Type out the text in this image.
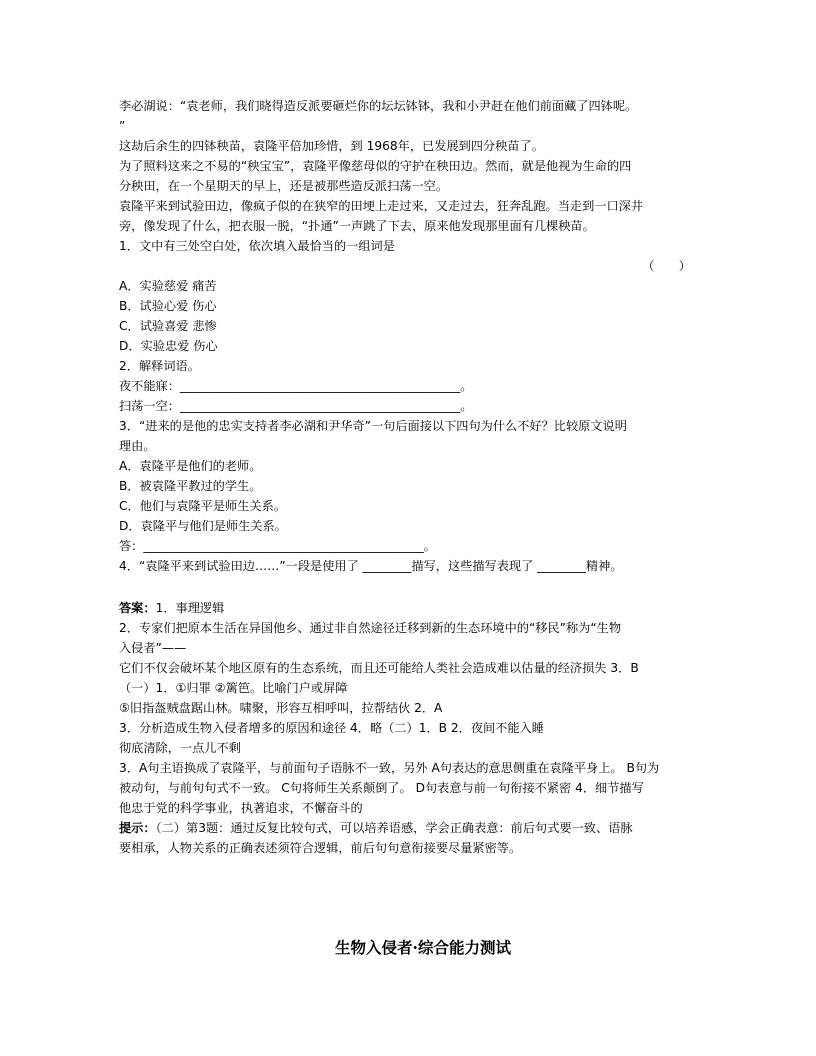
李必湖说：“袁老师，我们晓得造反派要砸烂你的坛坛钵钵，我和小尹赶在他们前面藏了四钵呢。
”
这劫后余生的四钵秧苗，袁隆平倍加珍惜，到 1968年，已发展到四分秧苗了。
为了照料这来之不易的“秧宝宝”，袁隆平像慈母似的守护在秧田边。然而，就是他视为生命的四
分秧田，在一个星期天的早上，还是被那些造反派扫荡一空。
袁隆平来到试验田边，像疯子似的在狭窄的田埂上走过来，又走过去，狂奔乱跑。当走到一口深井
旁，像发现了什么，把衣服一脱，“扑通”一声跳了下去，原来他发现那里面有几棵秧苗。
1．文中有三处空白处，依次填入最恰当的一组词是
（　　）
A．实验慈爱 痛苦
B．试验心爱 伤心
C．试验喜爱 悲惨
D．实验忠爱 伤心
2．解释词语。
夜不能寐：______________________________________________。
扫荡一空：______________________________________________。
3．“进来的是他的忠实支持者李必湖和尹华奇”一句后面接以下四句为什么不好？比较原文说明
理由。
A．袁隆平是他们的老师。
B．被袁隆平教过的学生。
C．他们与袁隆平是师生关系。
D．袁隆平与他们是师生关系。
答：______________________________________________。
4．“袁隆平来到试验田边……”一段是使用了 ________描写，这些描写表现了 ________精神。
答案：1．事理逻辑
2．专家们把原本生活在异国他乡、通过非自然途径迁移到新的生态环境中的“移民”称为“生物
入侵者”——
它们不仅会破坏某个地区原有的生态系统，而且还可能给人类社会造成难以估量的经济损失 3．B
（一）1．①归罪 ②篱笆。比喻门户或屏障
⑤旧指盔贼盘踞山林。啸聚，形容互相呼叫，拉帮结伙 2．A
3．分析造成生物入侵者增多的原因和途径 4．略（二）1．B 2．夜间不能入睡
彻底清除，一点儿不剩
3．A句主语换成了袁隆平，与前面句子语脉不一致，另外 A句表达的意思侧重在袁隆平身上。 B句为
被动句，与前句句式不一致。 C句将师生关系颠倒了。 D句表意与前一句衔接不紧密 4．细节描写
他忠于党的科学事业，执著追求，不懈奋斗的
提示：（二）第3题：通过反复比较句式，可以培养语感，学会正确表意：前后句式要一致、语脉
要相承，人物关系的正确表述须符合逻辑，前后句句意衔接要尽量紧密等。
生物入侵者·综合能力测试
